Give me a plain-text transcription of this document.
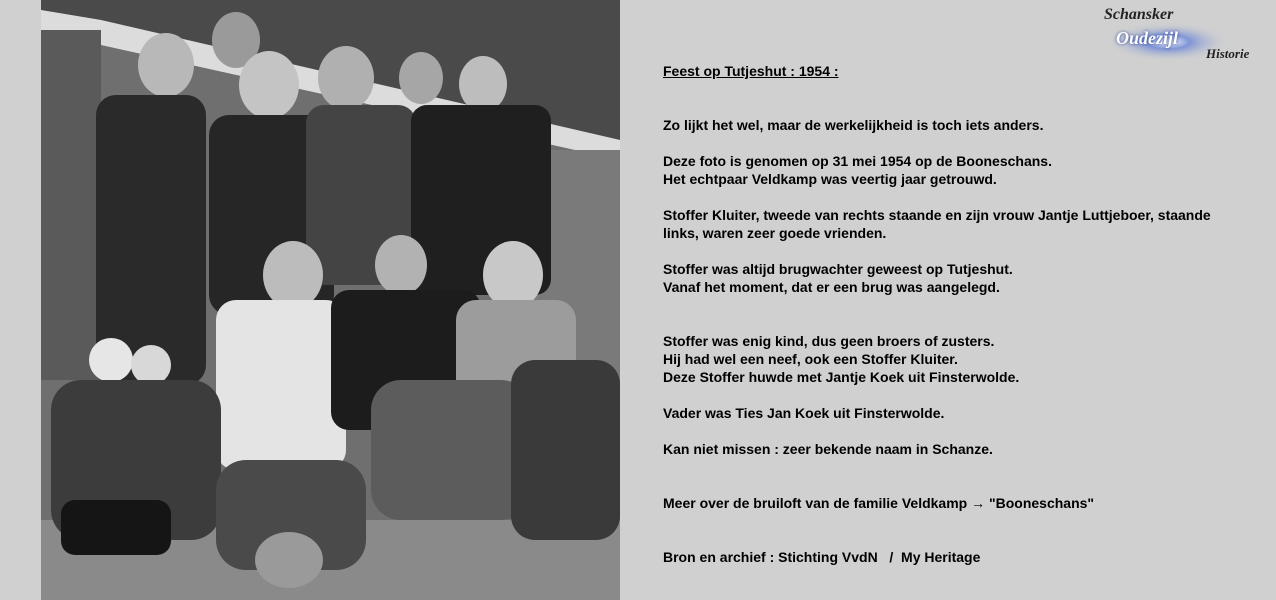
Schansker
Oudezijl
Historie
Feest op Tutjeshut : 1954 :
Zo lijkt het wel, maar de werkelijkheid is toch iets anders.
Deze foto is genomen op 31 mei 1954 op de Booneschans.
Het echtpaar Veldkamp was veertig jaar getrouwd.
Stoffer Kluiter, tweede van rechts staande en zijn vrouw Jantje Luttjeboer, staande
links, waren zeer goede vrienden.
Stoffer was altijd brugwachter geweest op Tutjeshut.
Vanaf het moment, dat er een brug was aangelegd.
Stoffer was enig kind, dus geen broers of zusters.
Hij had wel een neef, ook een Stoffer Kluiter.
Deze Stoffer huwde met Jantje Koek uit Finsterwolde.
Vader was Ties Jan Koek uit Finsterwolde.
Kan niet missen : zeer bekende naam in Schanze.
Meer over de bruiloft van de familie Veldkamp → "Booneschans"
Bron en archief : Stichting VvdN   /  My Heritage
